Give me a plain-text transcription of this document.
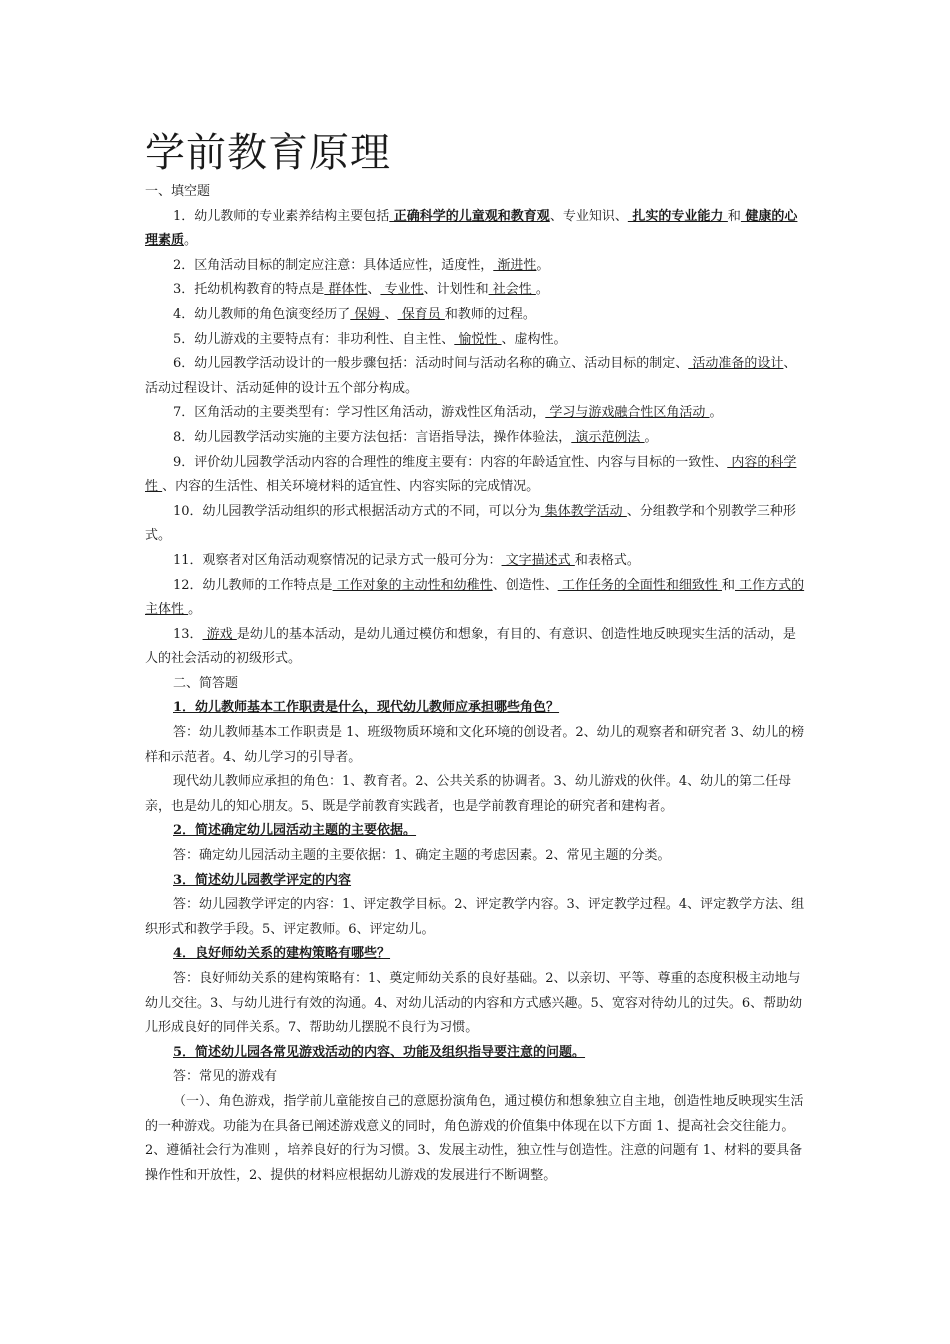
学前教育原理

一、填空题

1．幼儿教师的专业素养结构主要包括 正确科学的儿童观和教育观、专业知识、 扎实的专业能力 和 健康的心理素质。

2．区角活动目标的制定应注意：具体适应性，适度性， 渐进性。

3．托幼机构教育的特点是 群体性、 专业性、计划性和 社会性 。

4．幼儿教师的角色演变经历了 保姆 、 保育员 和教师的过程。

5．幼儿游戏的主要特点有：非功利性、自主性、 愉悦性 、虚构性。

6．幼儿园教学活动设计的一般步骤包括：活动时间与活动名称的确立、活动目标的制定、 活动准备的设计、活动过程设计、活动延伸的设计五个部分构成。

7．区角活动的主要类型有：学习性区角活动，游戏性区角活动， 学习与游戏融合性区角活动 。

8．幼儿园教学活动实施的主要方法包括：言语指导法，操作体验法， 演示范例法 。

9．评价幼儿园教学活动内容的合理性的维度主要有：内容的年龄适宜性、内容与目标的一致性、 内容的科学性 、内容的生活性、相关环境材料的适宜性、内容实际的完成情况。

10．幼儿园教学活动组织的形式根据活动方式的不同，可以分为 集体教学活动 、分组教学和个别教学三种形式。

11．观察者对区角活动观察情况的记录方式一般可分为： 文字描述式 和表格式。

12．幼儿教师的工作特点是 工作对象的主动性和幼稚性、创造性、 工作任务的全面性和细致性 和 工作方式的主体性 。

13． 游戏 是幼儿的基本活动，是幼儿通过模仿和想象，有目的、有意识、创造性地反映现实生活的活动，是人的社会活动的初级形式。

二、简答题

1．幼儿教师基本工作职责是什么，现代幼儿教师应承担哪些角色？

答：幼儿教师基本工作职责是 1、班级物质环境和文化环境的创设者。2、幼儿的观察者和研究者 3、幼儿的榜样和示范者。4、幼儿学习的引导者。

现代幼儿教师应承担的角色：1、教育者。2、公共关系的协调者。3、幼儿游戏的伙伴。4、幼儿的第二任母亲，也是幼儿的知心朋友。5、既是学前教育实践者，也是学前教育理论的研究者和建构者。

2．简述确定幼儿园活动主题的主要依据。

答：确定幼儿园活动主题的主要依据：1、确定主题的考虑因素。2、常见主题的分类。

3．简述幼儿园教学评定的内容

答：幼儿园教学评定的内容：1、评定教学目标。2、评定教学内容。3、评定教学过程。4、评定教学方法、组织形式和教学手段。5、评定教师。6、评定幼儿。

4．良好师幼关系的建构策略有哪些？

答：良好师幼关系的建构策略有：1、奠定师幼关系的良好基础。2、以亲切、平等、尊重的态度积极主动地与幼儿交往。3、与幼儿进行有效的沟通。4、对幼儿活动的内容和方式感兴趣。5、宽容对待幼儿的过失。6、帮助幼儿形成良好的同伴关系。7、帮助幼儿摆脱不良行为习惯。

5．简述幼儿园各常见游戏活动的内容、功能及组织指导要注意的问题。

答：常见的游戏有

（一）、角色游戏，指学前儿童能按自己的意愿扮演角色，通过模仿和想象独立自主地，创造性地反映现实生活的一种游戏。功能为在具备已阐述游戏意义的同时，角色游戏的价值集中体现在以下方面 1、提高社会交往能力。2、遵循社会行为准则 ，培养良好的行为习惯。3、发展主动性，独立性与创造性。注意的问题有 1、材料的要具备操作性和开放性，2、提供的材料应根据幼儿游戏的发展进行不断调整。
